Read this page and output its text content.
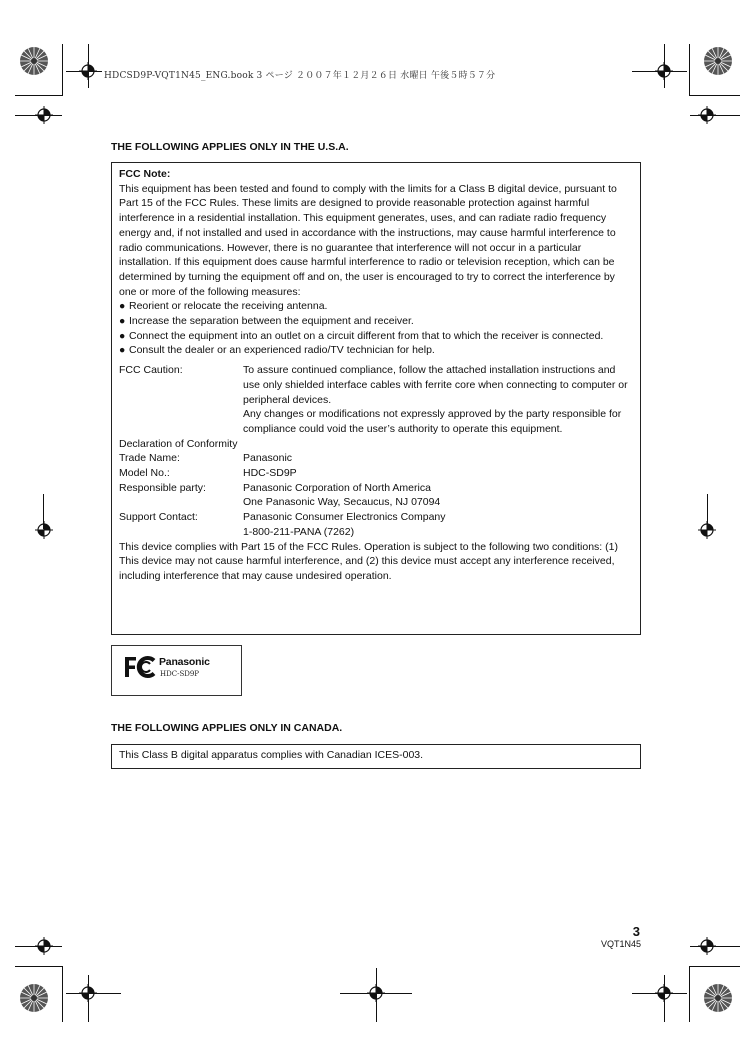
HDCSD9P-VQT1N45_ENG.book 3 ページ ２００７年１２月２６日 水曜日 午後５時５７分
THE FOLLOWING APPLIES ONLY IN THE U.S.A.
FCC Note:
This equipment has been tested and found to comply with the limits for a Class B digital device, pursuant to Part 15 of the FCC Rules. These limits are designed to provide reasonable protection against harmful interference in a residential installation. This equipment generates, uses, and can radiate radio frequency energy and, if not installed and used in accordance with the instructions, may cause harmful interference to radio communications. However, there is no guarantee that interference will not occur in a particular installation. If this equipment does cause harmful interference to radio or television reception, which can be determined by turning the equipment off and on, the user is encouraged to try to correct the interference by one or more of the following measures:
● Reorient or relocate the receiving antenna.
● Increase the separation between the equipment and receiver.
● Connect the equipment into an outlet on a circuit different from that to which the receiver is connected.
● Consult the dealer or an experienced radio/TV technician for help.
FCC Caution:	To assure continued compliance, follow the attached installation instructions and use only shielded interface cables with ferrite core when connecting to computer or peripheral devices.
Any changes or modifications not expressly approved by the party responsible for compliance could void the user’s authority to operate this equipment.
Declaration of Conformity
Trade Name:	Panasonic
Model No.:	HDC-SD9P
Responsible party:	Panasonic Corporation of North America
One Panasonic Way, Secaucus, NJ 07094
Support Contact:	Panasonic Consumer Electronics Company
1-800-211-PANA (7262)
This device complies with Part 15 of the FCC Rules. Operation is subject to the following two conditions: (1) This device may not cause harmful interference, and (2) this device must accept any interference received, including interference that may cause undesired operation.
Panasonic
HDC-SD9P
THE FOLLOWING APPLIES ONLY IN CANADA.
This Class B digital apparatus complies with Canadian ICES-003.
3
VQT1N45
